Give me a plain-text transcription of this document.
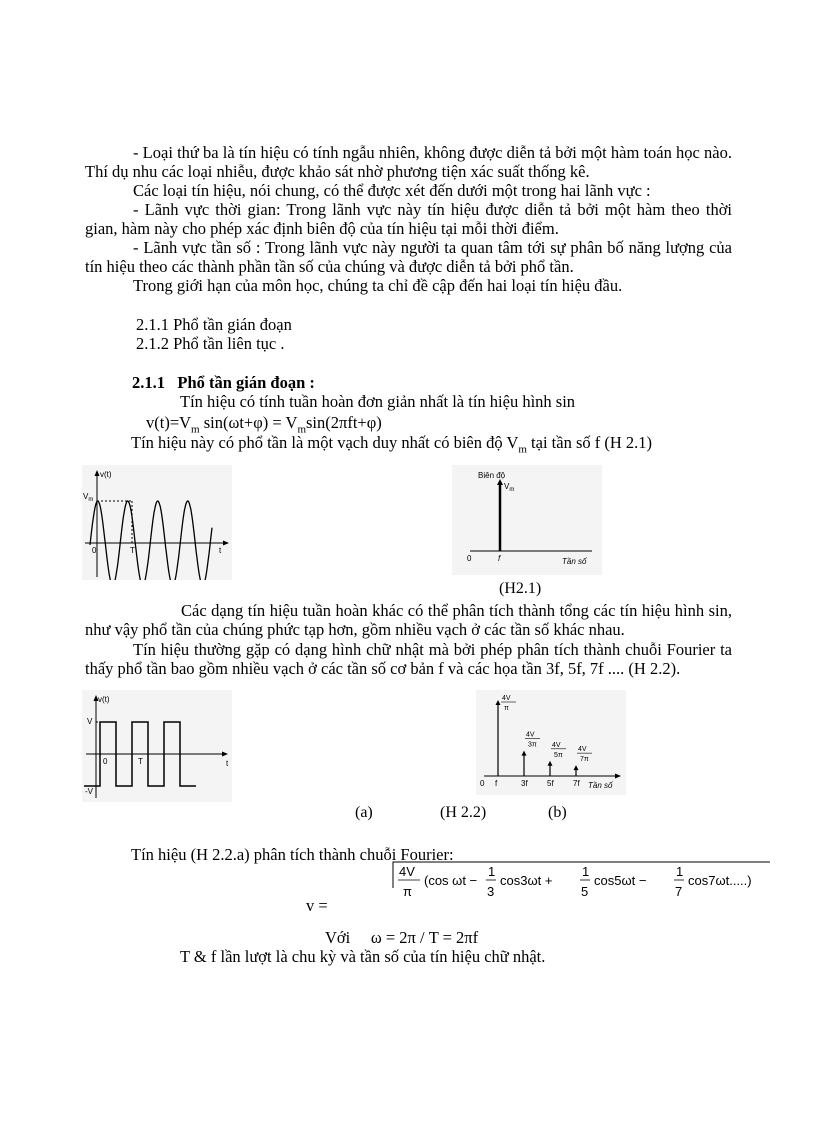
- Loại thứ ba là tín hiệu có tính ngẫu nhiên, không được diễn tả bởi một hàm toán học nào. Thí dụ nhu các loại nhiễu, được khảo sát nhờ phương tiện xác suất thống kê.
Các loại tín hiệu, nói chung, có thể được xét đến dưới một trong hai lãnh vực :
- Lãnh vực thời gian: Trong lãnh vực này tín hiệu được diễn tả bởi một hàm theo thời gian, hàm này cho phép xác định biên độ của tín hiệu tại mỗi thời điểm.
- Lãnh vực tần số : Trong lãnh vực này người ta quan tâm tới sự phân bố năng lượng của tín hiệu theo các thành phần tần số của chúng và được diễn tả bởi phổ tần.
Trong giới hạn của môn học, chúng ta chỉ đề cập đến hai loại tín hiệu đầu.
2.1.1 Phổ tần gián đoạn
2.1.2 Phổ tần liên tục .
2.1.1 Phổ tần gián đoạn :
Tín hiệu có tính tuần hoàn đơn giản nhất là tín hiệu hình sin
$v(t)=V_m$ $\sin(\omega t+\varphi) = V_m\sin(2\pi ft+\varphi)$
Tín hiệu này có phổ tần là một vạch duy nhất có biên độ $V_m$ tại tần số f (H 2.1)
v(t)
$V_m$
0	T	t
Biên độ
$V_m$
0	f	Tần số
(H2.1)
Các dạng tín hiệu tuần hoàn khác có thể phân tích thành tổng các tín hiệu hình sin, như vậy phổ tần của chúng phức tạp hơn, gồm nhiều vạch ở các tần số khác nhau.
Tín hiệu thường gặp có dạng hình chữ nhật mà bởi phép phân tích thành chuỗi Fourier ta thấy phổ tần bao gồm nhiều vạch ở các tần số cơ bản f và các họa tần 3f, 5f, 7f .... (H 2.2).
v(t)
V
-V
0	T	t
4V
π
f
4V
3π
3f
4V
5π
5f
4V
7π
7f
0	Tần số
(a)	(H 2.2)	(b)
Tín hiệu (H 2.2.a) phân tích thành chuỗi Fourier:
v =
4V
π
(cos ωt −
1
3
cos3ωt +
1
5
cos5ωt −
1
7
cos7ωt.....)
Với ω = 2π / T = 2πf
T & f lần lượt là chu kỳ và tần số của tín hiệu chữ nhật.
